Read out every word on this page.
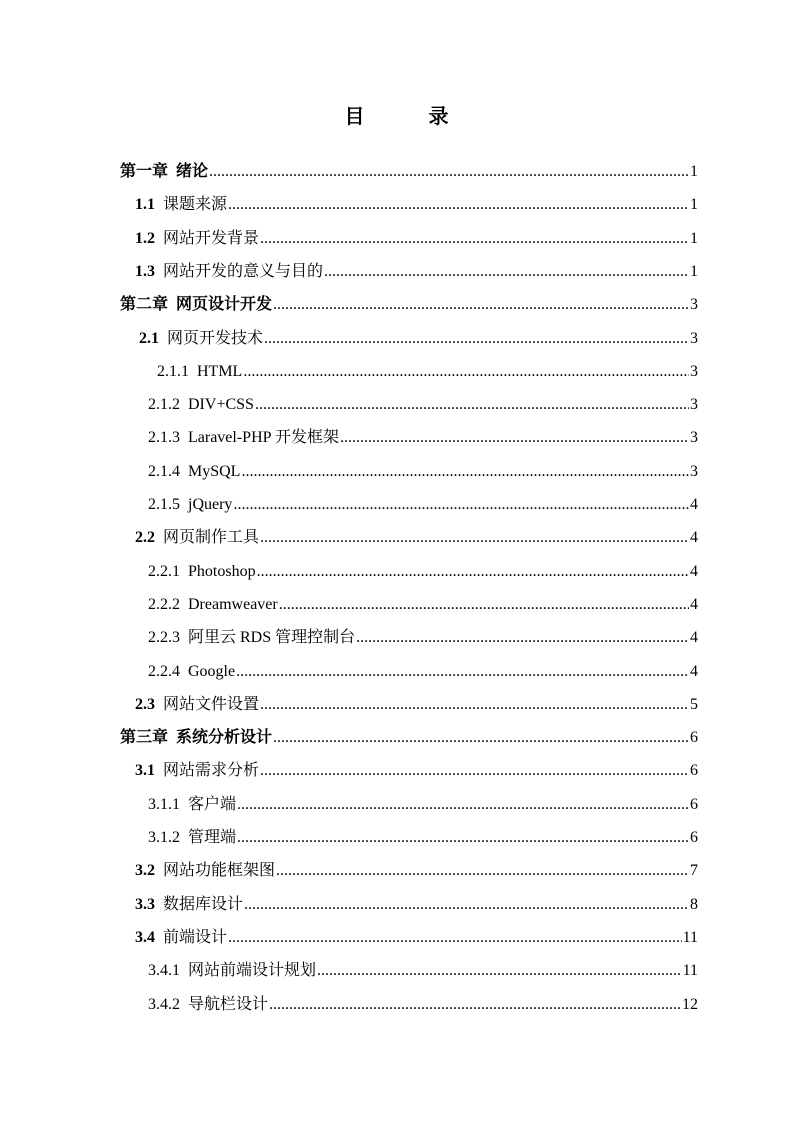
目　录
第一章 绪论 .....	1
1.1 课题来源 .....	1
1.2 网站开发背景 .....	1
1.3 网站开发的意义与目的 .....	1
第二章 网页设计开发 .....	3
2.1 网页开发技术 .....	3
2.1.1 HTML .....	3
2.1.2 DIV+CSS .....	3
2.1.3 Laravel-PHP 开发框架 .....	3
2.1.4 MySQL .....	3
2.1.5 jQuery .....	4
2.2 网页制作工具 .....	4
2.2.1 Photoshop .....	4
2.2.2 Dreamweaver .....	4
2.2.3 阿里云 RDS 管理控制台 .....	4
2.2.4 Google .....	4
2.3 网站文件设置 .....	5
第三章 系统分析设计 .....	6
3.1 网站需求分析 .....	6
3.1.1 客户端 .....	6
3.1.2 管理端 .....	6
3.2 网站功能框架图 .....	7
3.3 数据库设计 .....	8
3.4 前端设计 .....	11
3.4.1 网站前端设计规划 .....	11
3.4.2 导航栏设计 .....	12
